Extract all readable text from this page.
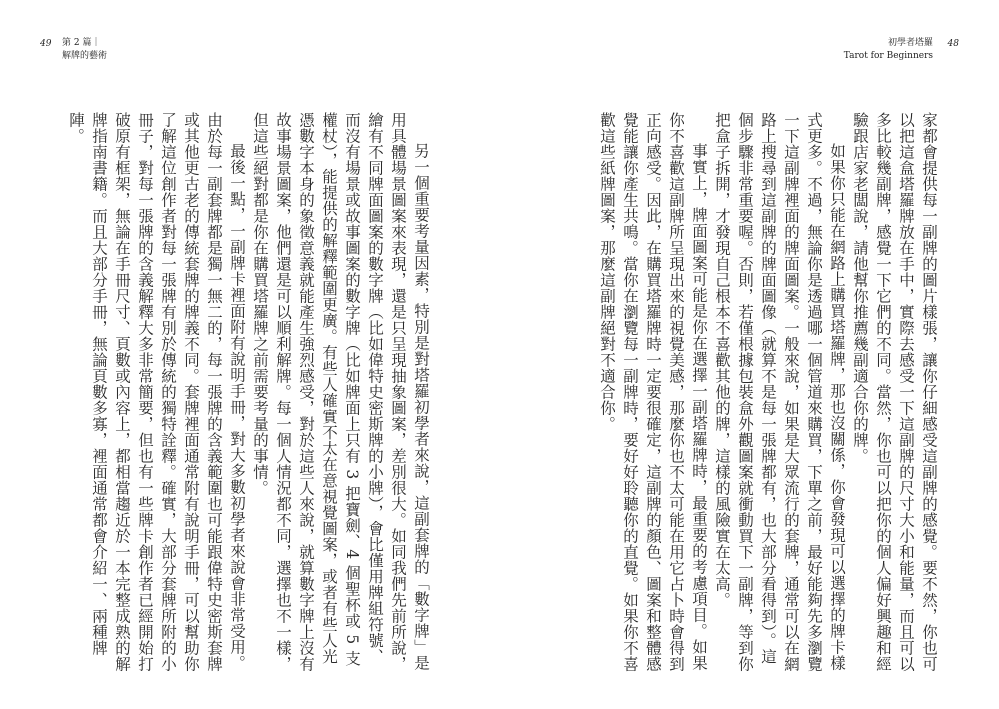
49 第 2 篇｜
解牌的藝術
初學者塔羅
Tarot for Beginners
48

另一個重要考量因素，特別是對塔羅初學者來說，這副套牌的「數字牌」是用具體場景圖案來表現，還是只呈現抽象圖案，差別很大。如同我們先前所說，繪有不同牌面圖案的數字牌（比如偉特史密斯牌的小牌），會比僅用牌組符號、而沒有場景或故事圖案的數字牌（比如牌面上只有 3 把寶劍、4 個聖杯或 5 支權杖），能提供的解釋範圍更廣。有些人確實不太在意視覺圖案，或者有些人光憑數字本身的象徵意義就能產生強烈感受，對於這些人來說，就算數字牌上沒有故事場景圖案，他們還是可以順利解牌。每一個人情況都不同，選擇也不一樣，但這些絕對都是你在購買塔羅牌之前需要考量的事情。

最後一點，一副牌卡裡面附有說明手冊，對大多數初學者來說會非常受用。由於每一副套牌都是獨一無二的，每一張牌的含義範圍也可能跟偉特史密斯套牌或其他更古老的傳統套牌的牌義不同。套牌裡面通常附有說明手冊，可以幫助你了解這位創作者對每一張牌有別於傳統的獨特詮釋。確實，大部分套牌所附的小冊子，對每一張牌的含義解釋大多非常簡要，但也有一些牌卡創作者已經開始打破原有框架，無論在手冊尺寸、頁數或內容上，都相當趨近於一本完整成熟的解牌指南書籍。而且大部分手冊，無論頁數多寡，裡面通常都會介紹一、兩種牌陣。	家都會提供每一副牌的圖片樣張，讓你仔細感受這副牌的感覺。要不然，你也可以把這盒塔羅牌放在手中，實際去感受一下這副牌的尺寸大小和能量，而且可以多比較幾副牌，感覺一下它們的不同。當然，你也可以把你的個人偏好興趣和經驗跟店家老闆說，請他幫你推薦幾副適合你的牌。

如果你只能在網路上購買塔羅牌，那也沒關係，你會發現可以選擇的牌卡樣式更多。不過，無論你是透過哪一個管道來購買，下單之前，最好能夠先多瀏覽一下這副牌裡面的牌面圖案。一般來說，如果是大眾流行的套牌，通常可以在網路上搜尋到這副牌的牌面圖像（就算不是每一張牌都有，也大部分看得到）。這個步驟非常重要喔。否則，若僅根據包裝盒外觀圖案就衝動買下一副牌，等到你把盒子拆開，才發現自己根本不喜歡其他的牌，這樣的風險實在太高。

事實上，牌面圖案可能是你在選擇一副塔羅牌時，最重要的考慮項目。如果你不喜歡這副牌所呈現出來的視覺美感，那麼你也不太可能在用它占卜時會得到正向感受。因此，在購買塔羅牌時一定要很確定，這副牌的顏色、圖案和整體感覺能讓你產生共鳴。當你在瀏覽每一副牌時，要好好聆聽你的直覺。如果你不喜歡這些紙牌圖案，那麼這副牌絕對不適合你。
